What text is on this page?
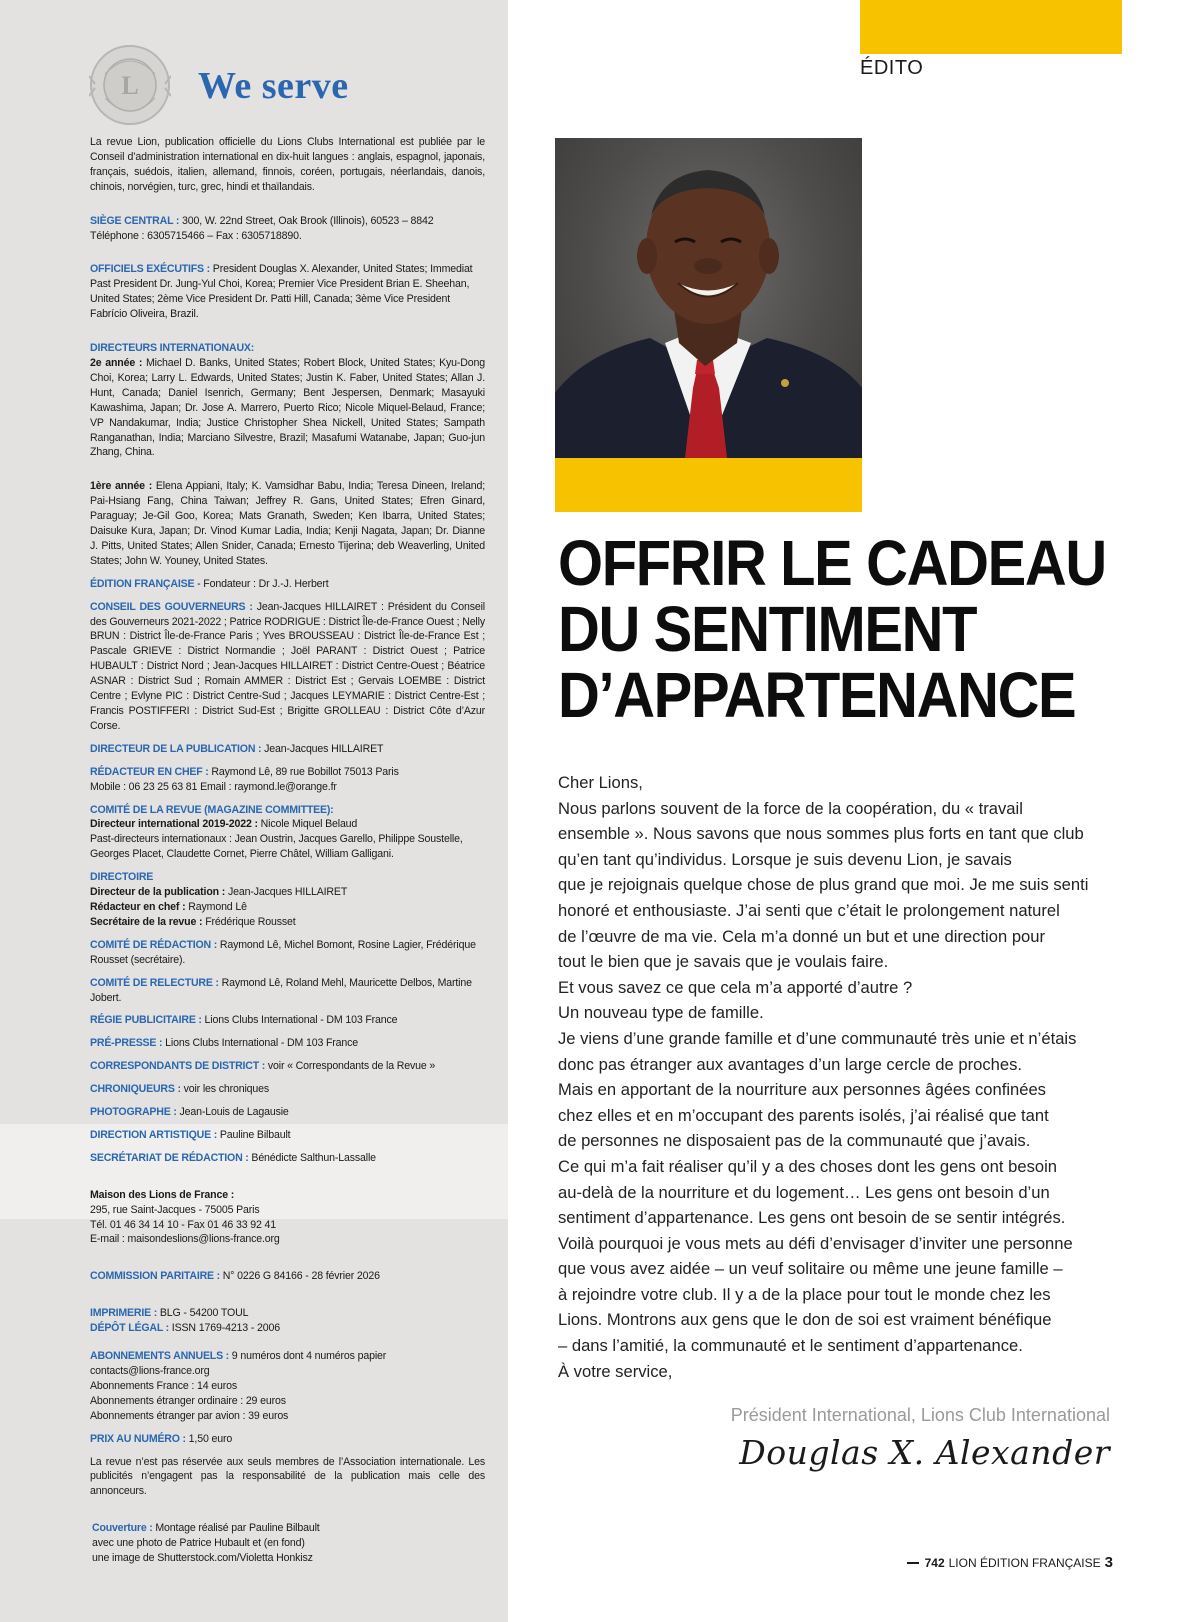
L We serve

La revue Lion, publication officielle du Lions Clubs International est publiée par le Conseil d’administration international en dix-huit langues : anglais, espagnol, japonais, français, suédois, italien, allemand, finnois, coréen, portugais, néerlandais, danois, chinois, norvégien, turc, grec, hindi et thaïlandais.

SIÈGE CENTRAL : 300, W. 22nd Street, Oak Brook (Illinois), 60523 – 8842

Téléphone : 6305715466 – Fax : 6305718890.

OFFICIELS EXÉCUTIFS : President Douglas X. Alexander, United States; Immediat Past President Dr. Jung-Yul Choi, Korea; Premier Vice President Brian E. Sheehan, United States; 2ème Vice President Dr. Patti Hill, Canada; 3ème Vice President Fabrício Oliveira, Brazil.

DIRECTEURS INTERNATIONAUX:

2e année : Michael D. Banks, United States; Robert Block, United States; Kyu-Dong Choi, Korea; Larry L. Edwards, United States; Justin K. Faber, United States; Allan J. Hunt, Canada; Daniel Isenrich, Germany; Bent Jespersen, Denmark; Masayuki Kawashima, Japan; Dr. Jose A. Marrero, Puerto Rico; Nicole Miquel-Belaud, France; VP Nandakumar, India; Justice Christopher Shea Nickell, United States; Sampath Ranganathan, India; Marciano Silvestre, Brazil; Masafumi Watanabe, Japan; Guo-jun Zhang, China.

1ère année : Elena Appiani, Italy; K. Vamsidhar Babu, India; Teresa Dineen, Ireland; Pai-Hsiang Fang, China Taiwan; Jeffrey R. Gans, United States; Efren Ginard, Paraguay; Je-Gil Goo, Korea; Mats Granath, Sweden; Ken Ibarra, United States; Daisuke Kura, Japan; Dr. Vinod Kumar Ladia, India; Kenji Nagata, Japan; Dr. Dianne J. Pitts, United States; Allen Snider, Canada; Ernesto Tijerina; deb Weaverling, United States; John W. Youney, United States.

ÉDITION FRANÇAISE - Fondateur : Dr J.-J. Herbert

CONSEIL DES GOUVERNEURS : Jean-Jacques HILLAIRET : Président du Conseil des Gouverneurs 2021-2022 ; Patrice RODRIGUE : District Île-de-France Ouest ; Nelly BRUN : District Île-de-France Paris ; Yves BROUSSEAU : District Île-de-France Est ; Pascale GRIEVE : District Normandie ; Joël PARANT : District Ouest ; Patrice HUBAULT : District Nord ; Jean-Jacques HILLAIRET : District Centre-Ouest ; Béatrice ASNAR : District Sud ; Romain AMMER : District Est ; Gervais LOEMBE : District Centre ; Evlyne PIC : District Centre-Sud ; Jacques LEYMARIE : District Centre-Est ; Francis POSTIFFERI : District Sud-Est ; Brigitte GROLLEAU : District Côte d’Azur Corse.

DIRECTEUR DE LA PUBLICATION : Jean-Jacques HILLAIRET

RÉDACTEUR EN CHEF : Raymond Lê, 89 rue Bobillot 75013 Paris

Mobile : 06 23 25 63 81 Email : raymond.le@orange.fr

COMITÉ DE LA REVUE (MAGAZINE COMMITTEE):

Directeur international 2019-2022 : Nicole Miquel Belaud

Past-directeurs internationaux : Jean Oustrin, Jacques Garello, Philippe Soustelle, Georges Placet, Claudette Cornet, Pierre Châtel, William Galligani.

DIRECTOIRE

Directeur de la publication : Jean-Jacques HILLAIRET

Rédacteur en chef : Raymond Lê

Secrétaire de la revue : Frédérique Rousset

COMITÉ DE RÉDACTION : Raymond Lê, Michel Bomont, Rosine Lagier, Frédérique Rousset (secrétaire).

COMITÉ DE RELECTURE : Raymond Lê, Roland Mehl, Mauricette Delbos, Martine Jobert.

RÉGIE PUBLICITAIRE : Lions Clubs International - DM 103 France

PRÉ-PRESSE : Lions Clubs International - DM 103 France

CORRESPONDANTS DE DISTRICT : voir « Correspondants de la Revue »

CHRONIQUEURS : voir les chroniques

PHOTOGRAPHE : Jean-Louis de Lagausie

DIRECTION ARTISTIQUE : Pauline Bilbault

SECRÉTARIAT DE RÉDACTION : Bénédicte Salthun-Lassalle

Maison des Lions de France :

295, rue Saint-Jacques - 75005 Paris

Tél. 01 46 34 14 10 - Fax 01 46 33 92 41

E-mail : maisondeslions@lions-france.org

COMMISSION PARITAIRE : N° 0226 G 84166 - 28 février 2026

IMPRIMERIE : BLG - 54200 TOUL

DÉPÔT LÉGAL : ISSN 1769-4213 - 2006

ABONNEMENTS ANNUELS : 9 numéros dont 4 numéros papier

contacts@lions-france.org

Abonnements France : 14 euros

Abonnements étranger ordinaire : 29 euros

Abonnements étranger par avion : 39 euros

PRIX AU NUMÉRO : 1,50 euro

La revue n’est pas réservée aux seuls membres de l’Association internationale. Les publicités n’engagent pas la responsabilité de la publication mais celle des annonceurs.

Couverture : Montage réalisé par Pauline Bilbault

avec une photo de Patrice Hubault et (en fond)

une image de Shutterstock.com/Violetta Honkisz

ÉDITO
OFFRIR LE CADEAU
DU SENTIMENT
D’APPARTENANCE

Cher Lions,

Nous parlons souvent de la force de la coopération, du « travail

ensemble ». Nous savons que nous sommes plus forts en tant que club

qu’en tant qu’individus. Lorsque je suis devenu Lion, je savais

que je rejoignais quelque chose de plus grand que moi. Je me suis senti

honoré et enthousiaste. J’ai senti que c’était le prolongement naturel

de l’œuvre de ma vie. Cela m’a donné un but et une direction pour

tout le bien que je savais que je voulais faire.

Et vous savez ce que cela m’a apporté d’autre ?

Un nouveau type de famille.

Je viens d’une grande famille et d’une communauté très unie et n’étais

donc pas étranger aux avantages d’un large cercle de proches.

Mais en apportant de la nourriture aux personnes âgées confinées

chez elles et en m’occupant des parents isolés, j’ai réalisé que tant

de personnes ne disposaient pas de la communauté que j’avais.

Ce qui m’a fait réaliser qu’il y a des choses dont les gens ont besoin

au-delà de la nourriture et du logement… Les gens ont besoin d’un

sentiment d’appartenance. Les gens ont besoin de se sentir intégrés.

Voilà pourquoi je vous mets au défi d’envisager d’inviter une personne

que vous avez aidée – un veuf solitaire ou même une jeune famille –

à rejoindre votre club. Il y a de la place pour tout le monde chez les

Lions. Montrons aux gens que le don de soi est vraiment bénéfique

– dans l’amitié, la communauté et le sentiment d’appartenance.

À votre service,

Président International, Lions Club International
Douglas X. Alexander
742 LION ÉDITION FRANÇAISE 3
